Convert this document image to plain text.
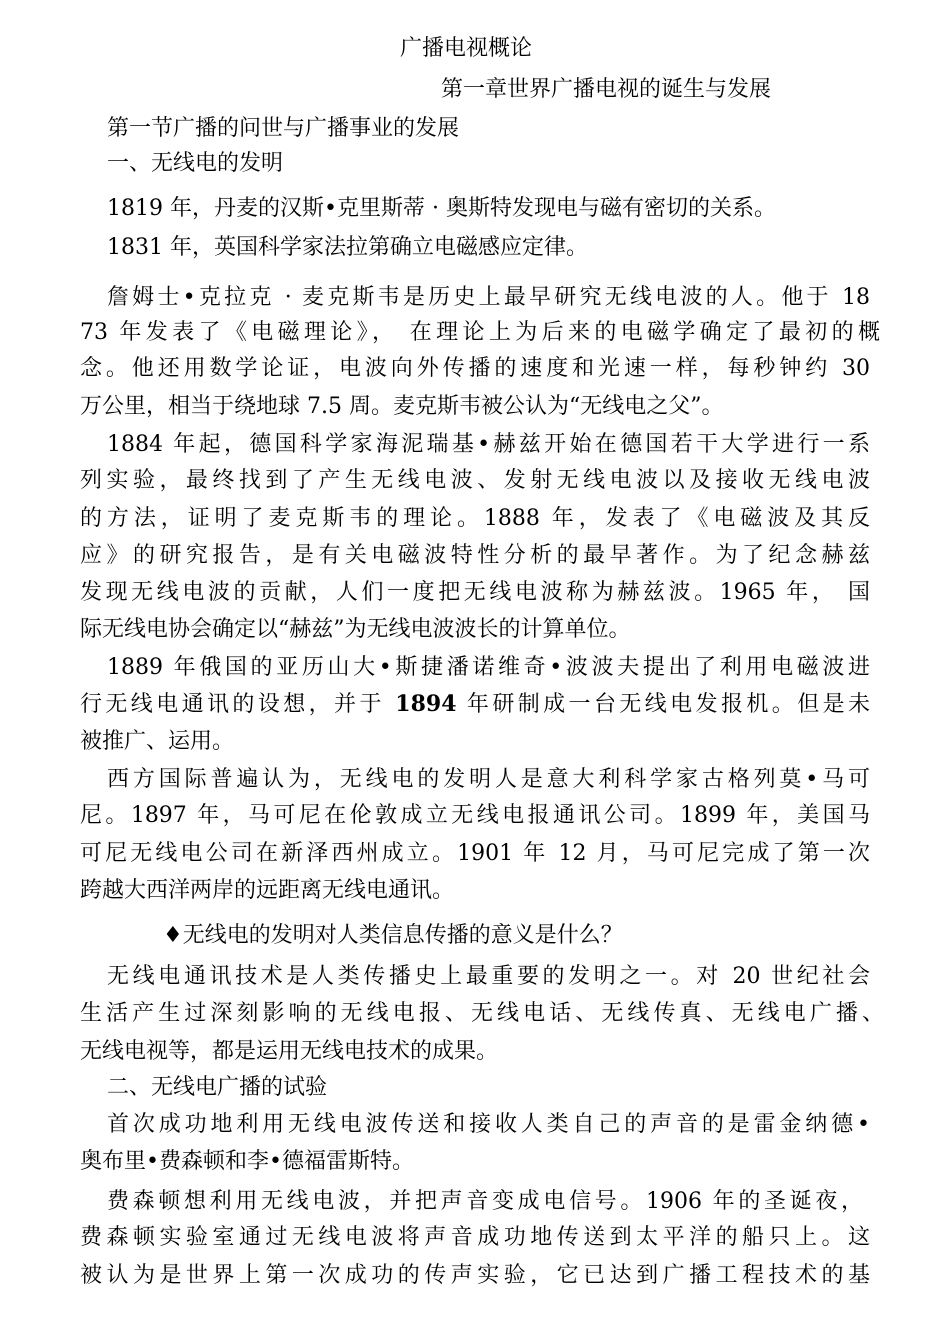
广播电视概论
第一章世界广播电视的诞生与发展
第一节广播的问世与广播事业的发展
一、无线电的发明
1819 年，丹麦的汉斯•克里斯蒂 · 奥斯特发现电与磁有密切的关系。
1831 年，英国科学家法拉第确立电磁感应定律。
詹姆士•克拉克 · 麦克斯韦是历史上最早研究无线电波的人。他于 18
73 年发表了《电磁理论》， 在理论上为后来的电磁学确定了最初的概
念。他还用数学论证，电波向外传播的速度和光速一样，每秒钟约 30
万公里，相当于绕地球 7.5 周。麦克斯韦被公认为“无线电之父”。
1884 年起，德国科学家海泥瑞基•赫兹开始在德国若干大学进行一系
列实验，最终找到了产生无线电波、发射无线电波以及接收无线电波
的方法，证明了麦克斯韦的理论。1888 年，发表了《电磁波及其反
应》的研究报告，是有关电磁波特性分析的最早著作。为了纪念赫兹
发现无线电波的贡献，人们一度把无线电波称为赫兹波。1965 年， 国
际无线电协会确定以“赫兹”为无线电波波长的计算单位。
1889 年俄国的亚历山大•斯捷潘诺维奇•波波夫提出了利用电磁波进
行无线电通讯的设想，并于 1894 年研制成一台无线电发报机。但是未
被推广、运用。
西方国际普遍认为，无线电的发明人是意大利科学家古格列莫•马可
尼。1897 年，马可尼在伦敦成立无线电报通讯公司。1899 年，美国马
可尼无线电公司在新泽西州成立。1901 年 12 月，马可尼完成了第一次
跨越大西洋两岸的远距离无线电通讯。
♦无线电的发明对人类信息传播的意义是什么？
无线电通讯技术是人类传播史上最重要的发明之一。对 20 世纪社会
生活产生过深刻影响的无线电报、无线电话、无线传真、无线电广播、
无线电视等，都是运用无线电技术的成果。
二、无线电广播的试验
首次成功地利用无线电波传送和接收人类自己的声音的是雷金纳德•
奥布里•费森顿和李•德福雷斯特。
费森顿想利用无线电波，并把声音变成电信号。1906 年的圣诞夜，
费森顿实验室通过无线电波将声音成功地传送到太平洋的船只上。这
被认为是世界上第一次成功的传声实验，它已达到广播工程技术的基
